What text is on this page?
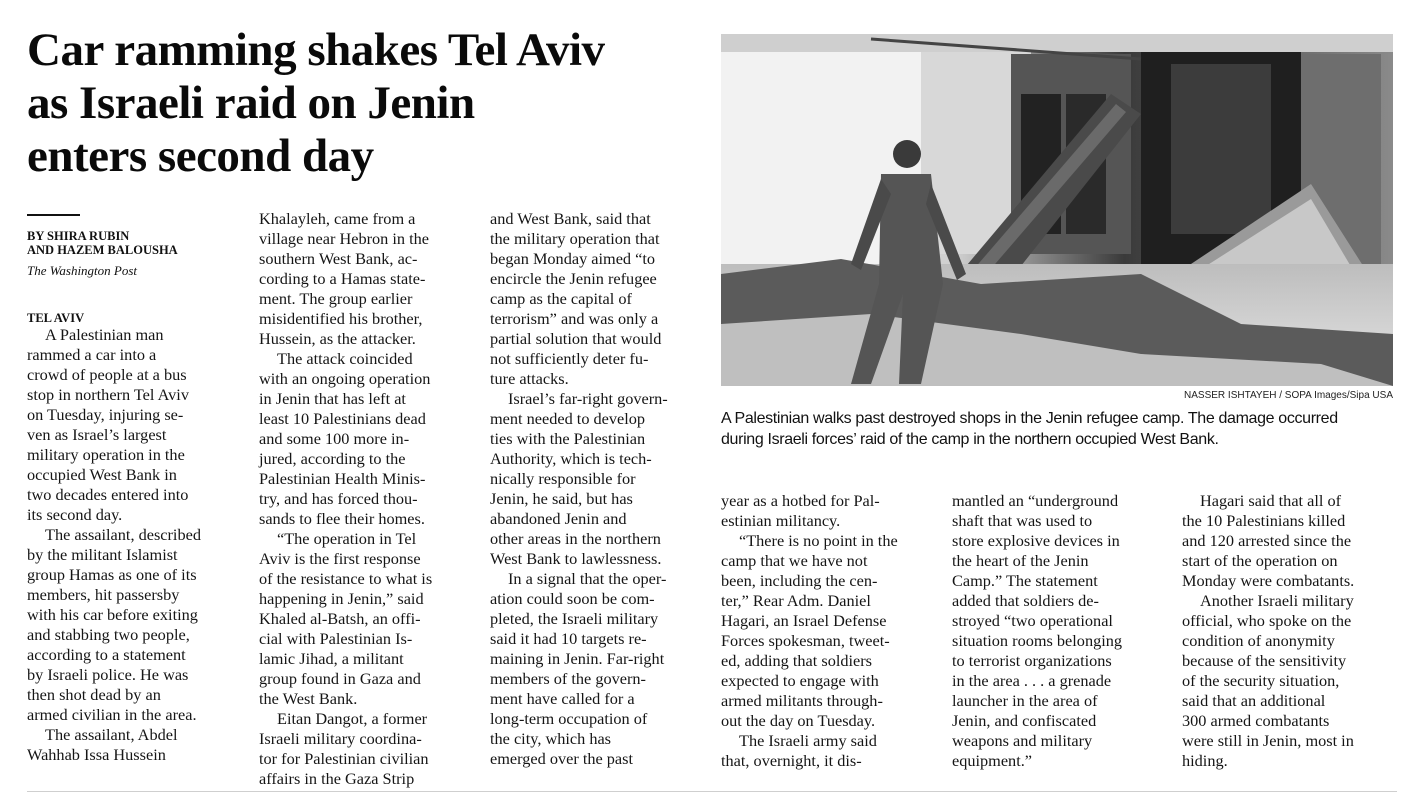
Car ramming shakes Tel Aviv
as Israeli raid on Jenin
enters second day
BY SHIRA RUBIN
AND HAZEM BALOUSHA
The Washington Post
TEL AVIV

A Palestinian man
rammed a car into a
crowd of people at a bus
stop in northern Tel Aviv
on Tuesday, injuring se-
ven as Israel’s largest
military operation in the
occupied West Bank in
two decades entered into
its second day.

The assailant, described
by the militant Islamist
group Hamas as one of its
members, hit passersby
with his car before exiting
and stabbing two people,
according to a statement
by Israeli police. He was
then shot dead by an
armed civilian in the area.

The assailant, Abdel
Wahhab Issa Hussein

Khalayleh, came from a
village near Hebron in the
southern West Bank, ac-
cording to a Hamas state-
ment. The group earlier
misidentified his brother,
Hussein, as the attacker.

The attack coincided
with an ongoing operation
in Jenin that has left at
least 10 Palestinians dead
and some 100 more in-
jured, according to the
Palestinian Health Minis-
try, and has forced thou-
sands to flee their homes.

“The operation in Tel
Aviv is the first response
of the resistance to what is
happening in Jenin,” said
Khaled al-Batsh, an offi-
cial with Palestinian Is-
lamic Jihad, a militant
group found in Gaza and
the West Bank.

Eitan Dangot, a former
Israeli military coordina-
tor for Palestinian civilian
affairs in the Gaza Strip

and West Bank, said that
the military operation that
began Monday aimed “to
encircle the Jenin refugee
camp as the capital of
terrorism” and was only a
partial solution that would
not sufficiently deter fu-
ture attacks.

Israel’s far-right govern-
ment needed to develop
ties with the Palestinian
Authority, which is tech-
nically responsible for
Jenin, he said, but has
abandoned Jenin and
other areas in the northern
West Bank to lawlessness.

In a signal that the oper-
ation could soon be com-
pleted, the Israeli military
said it had 10 targets re-
maining in Jenin. Far-right
members of the govern-
ment have called for a
long-term occupation of
the city, which has
emerged over the past

year as a hotbed for Pal-
estinian militancy.

“There is no point in the
camp that we have not
been, including the cen-
ter,” Rear Adm. Daniel
Hagari, an Israel Defense
Forces spokesman, tweet-
ed, adding that soldiers
expected to engage with
armed militants through-
out the day on Tuesday.

The Israeli army said
that, overnight, it dis-

mantled an “underground
shaft that was used to
store explosive devices in
the heart of the Jenin
Camp.” The statement
added that soldiers de-
stroyed “two operational
situation rooms belonging
to terrorist organizations
in the area . . . a grenade
launcher in the area of
Jenin, and confiscated
weapons and military
equipment.”

Hagari said that all of
the 10 Palestinians killed
and 120 arrested since the
start of the operation on
Monday were combatants.

Another Israeli military
official, who spoke on the
condition of anonymity
because of the sensitivity
of the security situation,
said that an additional
300 armed combatants
were still in Jenin, most in
hiding.

NASSER ISHTAYEH / SOPA Images/Sipa USA
A Palestinian walks past destroyed shops in the Jenin refugee camp. The damage occurred
during Israeli forces’ raid of the camp in the northern occupied West Bank.
